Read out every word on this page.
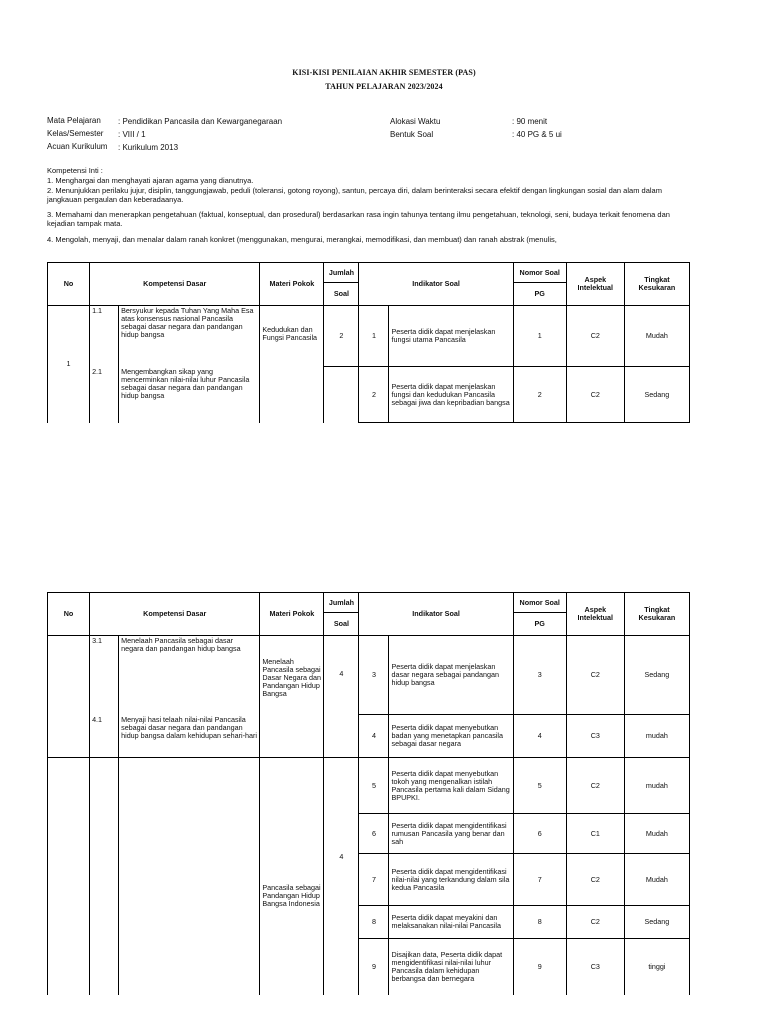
KISI-KISI PENILAIAN AKHIR SEMESTER (PAS)
TAHUN PELAJARAN 2023/2024
Mata Pelajaran : Pendidikan Pancasila dan Kewarganegaraan
Kelas/Semester : VIII / 1
Acuan Kurikulum : Kurikulum 2013
Alokasi Waktu	: 90 menit
Bentuk Soal	: 40 PG & 5 ui
Kompetensi Inti :
1. Menghargai dan menghayati ajaran agama yang dianutnya.
2. Menunjukkan perilaku jujur, disiplin, tanggungjawab, peduli (toleransi, gotong royong), santun, percaya diri, dalam berinteraksi secara efektif dengan lingkungan sosial dan alam dalam jangkauan pergaulan dan keberadaanya.
3. Memahami dan menerapkan pengetahuan (faktual, konseptual, dan prosedural) berdasarkan rasa ingin tahunya tentang ilmu pengetahuan, teknologi, seni, budaya terkait fenomena dan kejadian tampak mata.
4. Mengolah, menyaji, dan menalar dalam ranah konkret (menggunakan, mengurai, merangkai, memodifikasi, dan membuat) dan ranah abstrak (menulis,
No	Kompetensi Dasar		Materi Pokok	Jumlah	Indikator Soal		Nomor Soal	Aspek Intelektual	Tingkat Kesukaran
				Soal			PG		
1	1.1	Bersyukur kepada Tuhan Yang Maha Esa atas konsensus nasional Pancasila sebagai dasar negara dan pandangan hidup bangsa	Kedudukan dan Fungsi Pancasila	2	1	Peserta didik dapat menjelaskan fungsi utama Pancasila	1	C2	Mudah
	2.1	Mengembangkan sikap yang mencerminkan nilai-nilai luhur Pancasila sebagai dasar negara dan pandangan hidup bangsa			2	Peserta didik dapat menjelaskan fungsi dan kedudukan Pancasila sebagai jiwa dan kepribadian bangsa	2	C2	Sedang
No	Kompetensi Dasar		Materi Pokok	Jumlah	Indikator Soal		Nomor Soal	Aspek Intelektual	Tingkat Kesukaran
				Soal			PG		
	3.1	Menelaah Pancasila sebagai dasar negara dan pandangan hidup bangsa	Menelaah Pancasila sebagai Dasar Negara dan Pandangan Hidup Bangsa	4	3	Peserta didik dapat menjelaskan dasar negara sebagai pandangan hidup bangsa	3	C2	Sedang
	4.1	Menyaji hasi telaah nilai-nilai Pancasila sebagai dasar negara dan pandangan hidup bangsa dalam kehidupan sehari-hari			4	Peserta didik dapat menyebutkan badan yang menetapkan pancasila sebagai dasar negara	4	C3	mudah
			Pancasila sebagai Pandangan Hidup Bangsa Indonesia	4	5	Peserta didik dapat menyebutkan tokoh yang mengenalkan istilah Pancasila pertama kali dalam Sidang BPUPKI.	5	C2	mudah
					6	Peserta didik dapat mengidentifikasi rumusan Pancasila yang benar dan sah	6	C1	Mudah
					7	Peserta didik dapat mengidentifikasi nilai-nilai yang terkandung dalam sila kedua Pancasila	7	C2	Mudah
					8	Peserta didik dapat meyakini dan melaksanakan nilai-nilai Pancasila	8	C2	Sedang
					9	Disajikan data, Peserta didik dapat mengidentifikasi nilai-nilai luhur Pancasila dalam kehidupan berbangsa dan bernegara	9	C3	tinggi
